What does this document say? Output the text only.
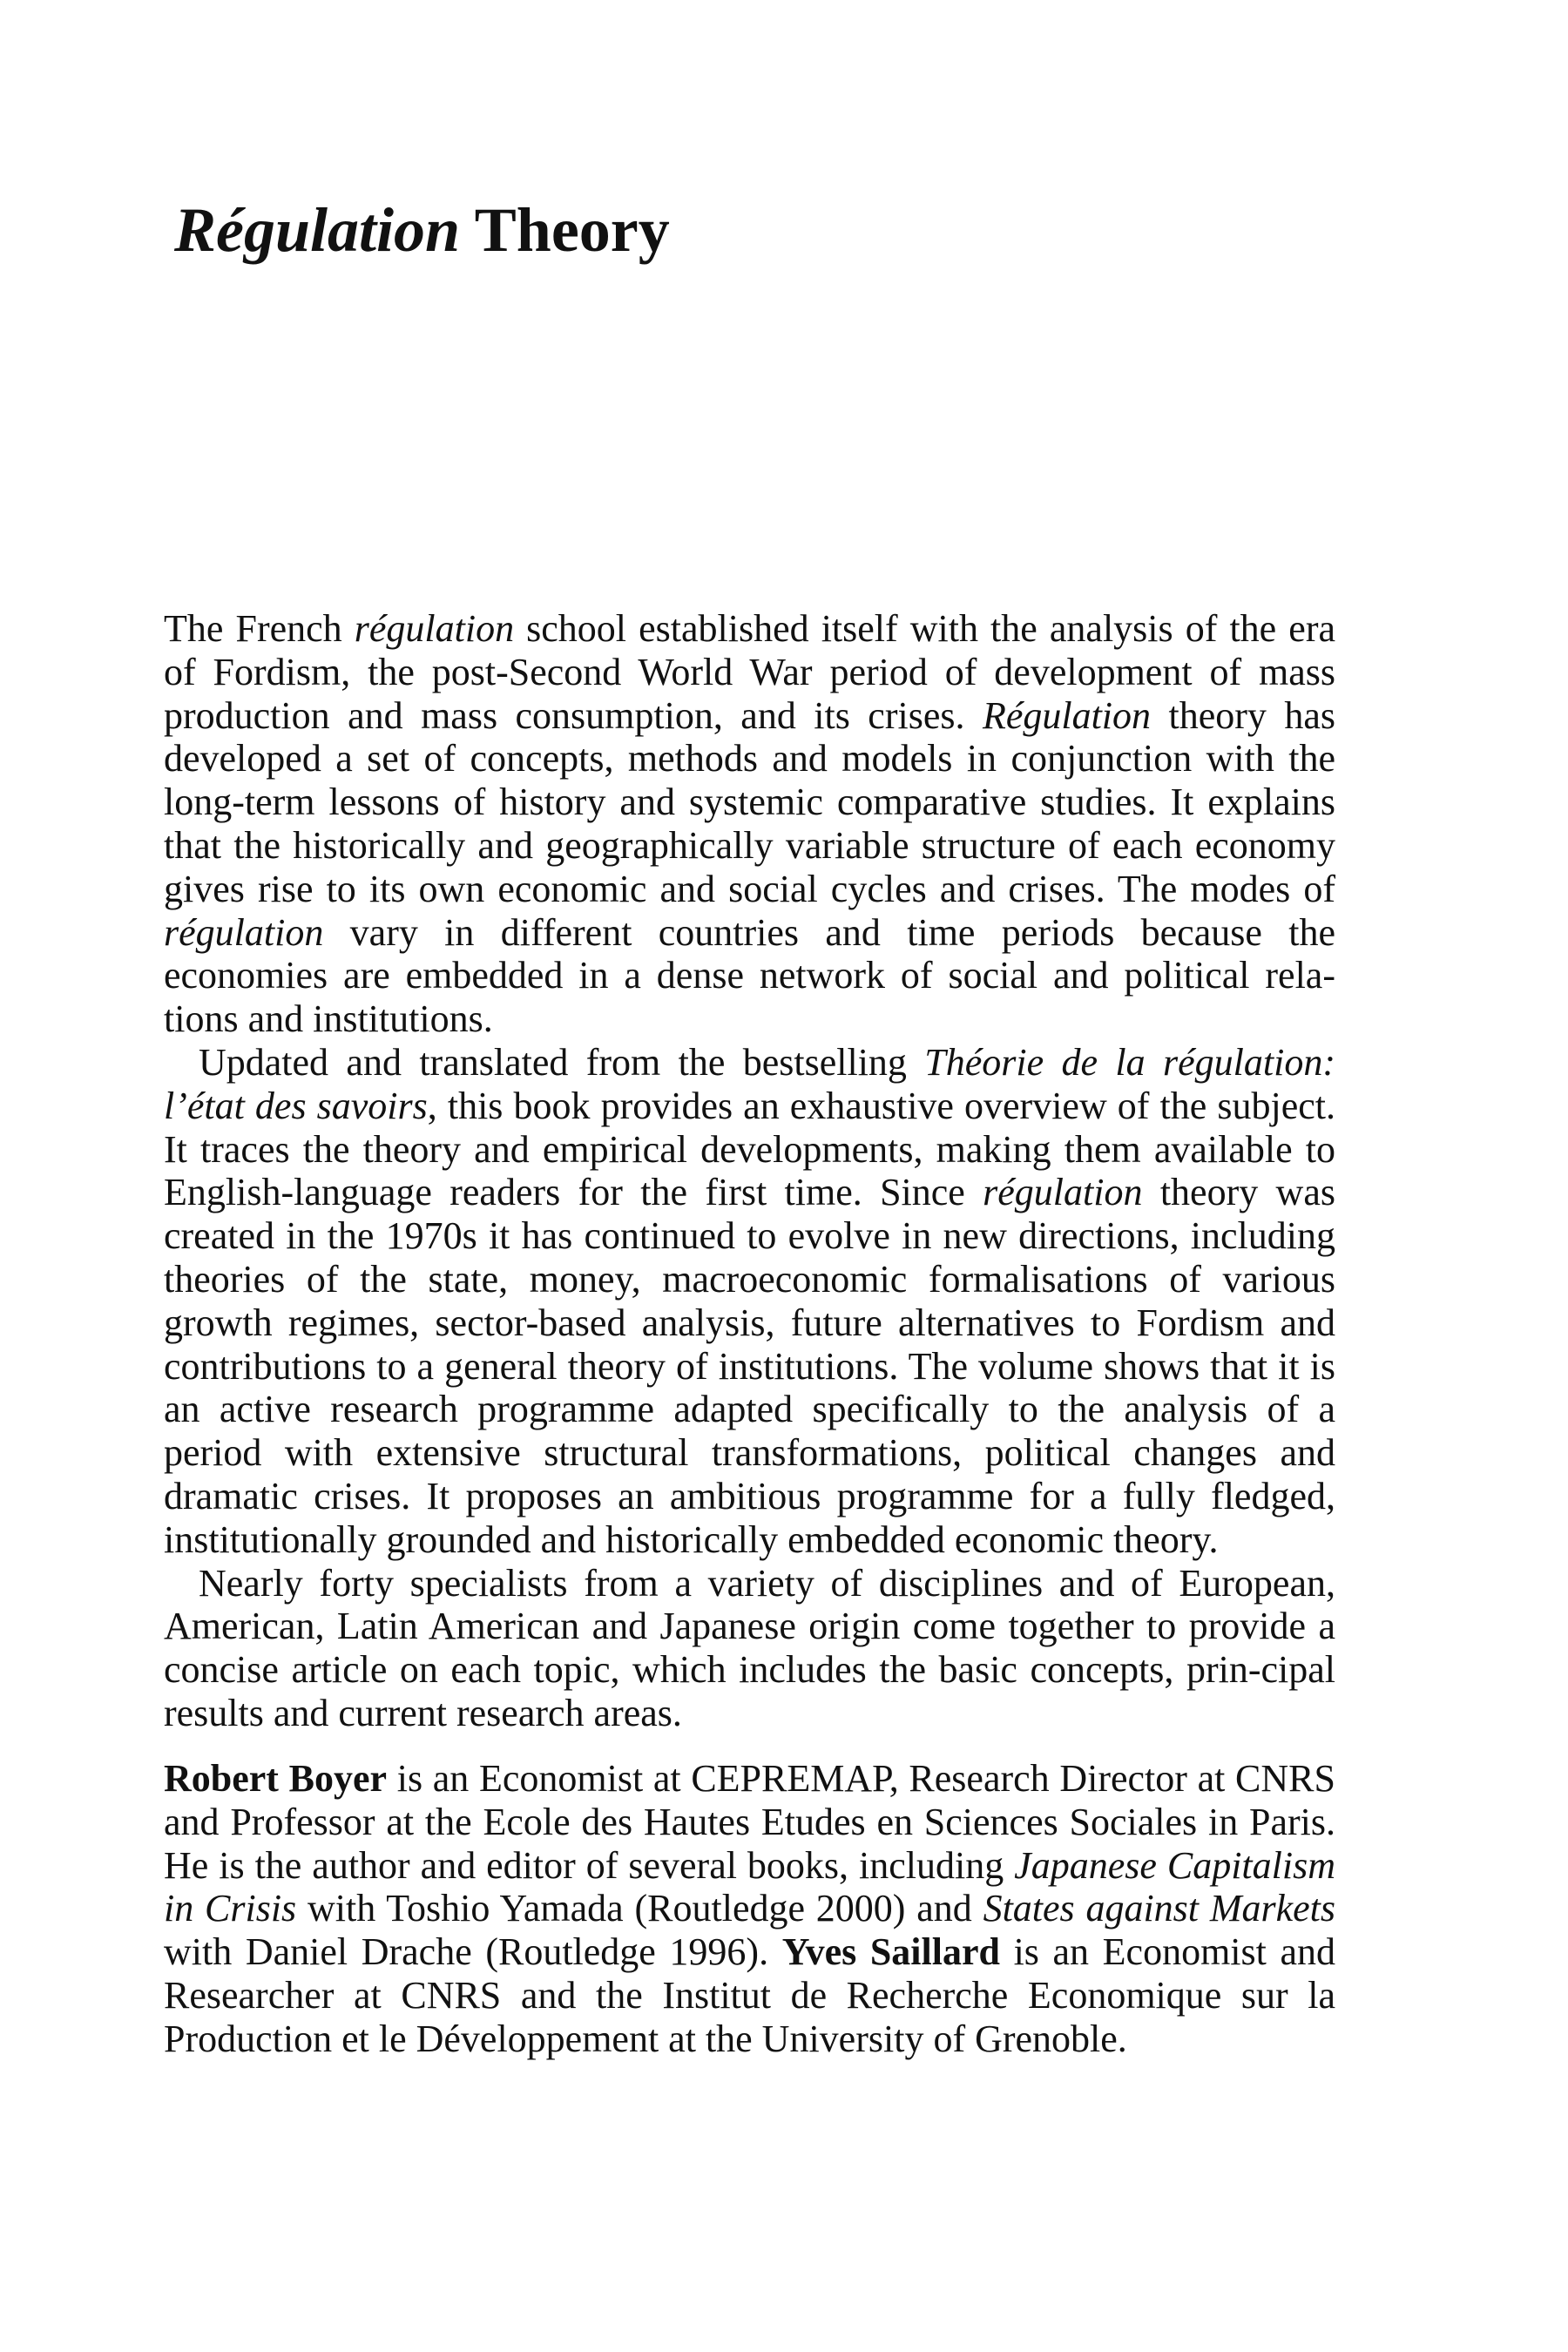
Régulation Theory

The French régulation school established itself with the analysis of the era of Fordism, the post-Second World War period of development of mass production and mass consumption, and its crises. Régulation theory has developed a set of concepts, methods and models in conjunction with the long-term lessons of history and systemic comparative studies. It explains that the historically and geographically variable structure of each economy gives rise to its own economic and social cycles and crises. The modes of régulation vary in different countries and time periods because the economies are embedded in a dense network of social and political rela-tions and institutions.

Updated and translated from the bestselling Théorie de la régulation: l’état des savoirs, this book provides an exhaustive overview of the subject. It traces the theory and empirical developments, making them available to English-language readers for the first time. Since régulation theory was created in the 1970s it has continued to evolve in new directions, including theories of the state, money, macroeconomic formalisations of various growth regimes, sector-based analysis, future alternatives to Fordism and contributions to a general theory of institutions. The volume shows that it is an active research programme adapted specifically to the analysis of a period with extensive structural transformations, political changes and dramatic crises. It proposes an ambitious programme for a fully fledged, institutionally grounded and historically embedded economic theory.

Nearly forty specialists from a variety of disciplines and of European, American, Latin American and Japanese origin come together to provide a concise article on each topic, which includes the basic concepts, prin-cipal results and current research areas.

Robert Boyer is an Economist at CEPREMAP, Research Director at CNRS and Professor at the Ecole des Hautes Etudes en Sciences Sociales in Paris. He is the author and editor of several books, including Japanese Capitalism in Crisis with Toshio Yamada (Routledge 2000) and States against Markets with Daniel Drache (Routledge 1996). Yves Saillard is an Economist and Researcher at CNRS and the Institut de Recherche Economique sur la Production et le Développement at the University of Grenoble.
